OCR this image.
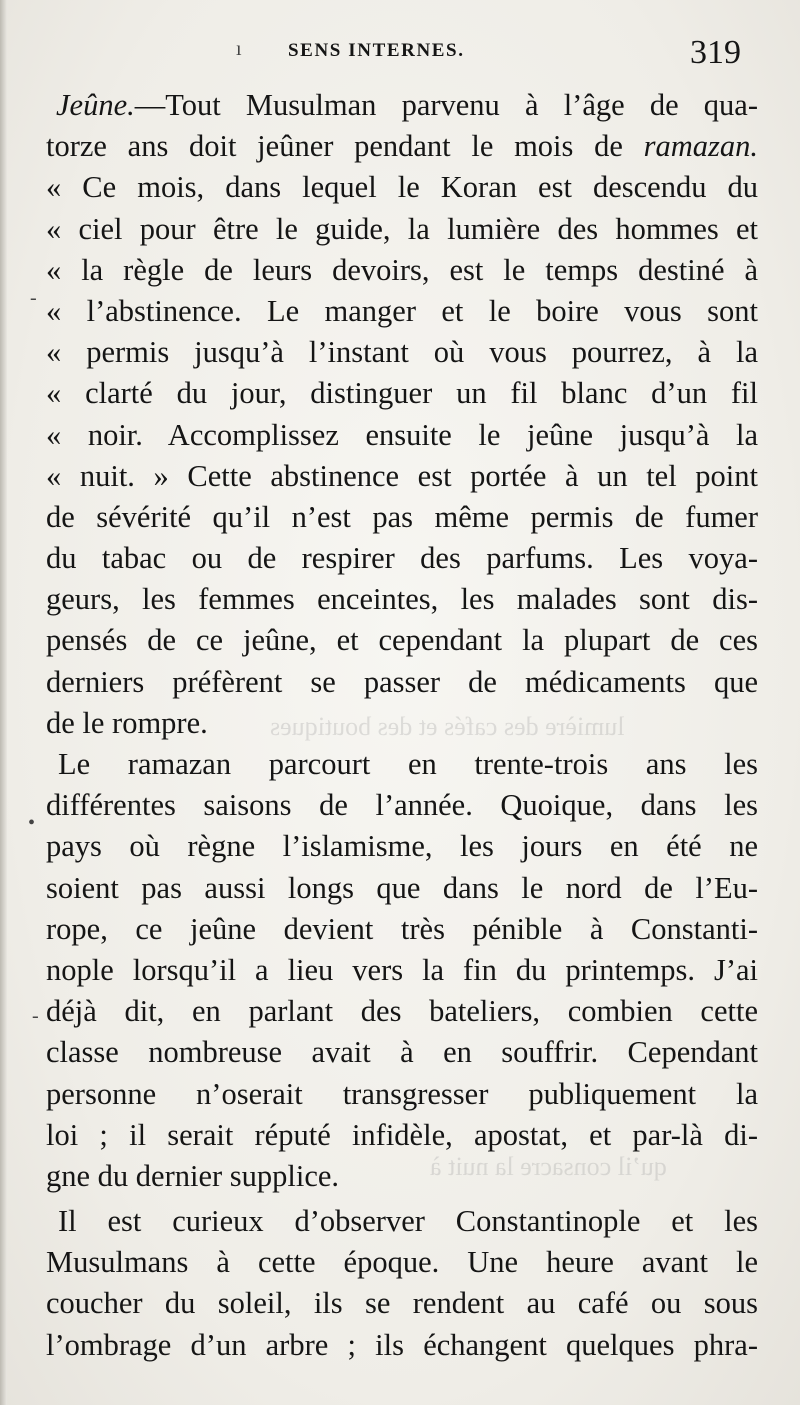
lumière des cafés et des boutiques
qu’il consacre la nuit à
ı
-
•
-
SENS INTERNES.	319
Jeûne.—Tout Musulman parvenu à l’âge de qua-
torze ans doit jeûner pendant le mois de ramazan.
« Ce mois, dans lequel le Koran est descendu du
« ciel pour être le guide, la lumière des hommes et
« la règle de leurs devoirs, est le temps destiné à
« l’abstinence. Le manger et le boire vous sont
« permis jusqu’à l’instant où vous pourrez, à la
« clarté du jour, distinguer un fil blanc d’un fil
« noir. Accomplissez ensuite le jeûne jusqu’à la
« nuit. » Cette abstinence est portée à un tel point
de sévérité qu’il n’est pas même permis de fumer
du tabac ou de respirer des parfums. Les voya-
geurs, les femmes enceintes, les malades sont dis-
pensés de ce jeûne, et cependant la plupart de ces
derniers préfèrent se passer de médicaments que
de le rompre.
Le ramazan parcourt en trente-trois ans les
différentes saisons de l’année. Quoique, dans les
pays où règne l’islamisme, les jours en été ne
soient pas aussi longs que dans le nord de l’Eu-
rope, ce jeûne devient très pénible à Constanti-
nople lorsqu’il a lieu vers la fin du printemps. J’ai
déjà dit, en parlant des bateliers, combien cette
classe nombreuse avait à en souffrir. Cependant
personne n’oserait transgresser publiquement la
loi ; il serait réputé infidèle, apostat, et par-là di-
gne du dernier supplice.
Il est curieux d’observer Constantinople et les
Musulmans à cette époque. Une heure avant le
coucher du soleil, ils se rendent au café ou sous
l’ombrage d’un arbre ; ils échangent quelques phra-
